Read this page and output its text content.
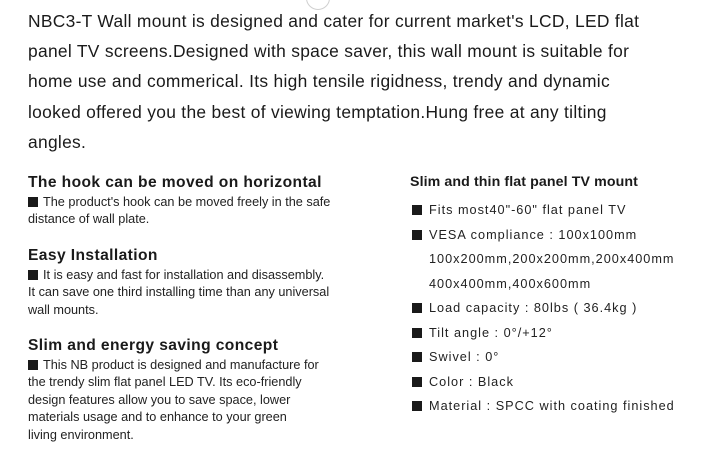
NBC3-T Wall mount is designed and cater for current market's LCD, LED flat
panel TV screens.Designed with space saver, this wall mount is suitable for
home use and commerical. Its high tensile rigidness, trendy and dynamic
looked offered you the best of viewing temptation.Hung free at any tilting
angles.
The hook can be moved on horizontal
The product's hook can be moved freely in the safe
distance of wall plate.
Easy Installation
It is easy and fast for installation and disassembly.
It can save one third installing time than any universal
wall mounts.
Slim and energy saving concept
This NB product is designed and manufacture for
the trendy slim flat panel LED TV. Its eco-friendly
design features allow you to save space, lower
materials usage and to enhance to your green
living environment.
Slim and thin flat panel TV mount
Fits most40"-60" flat panel TV
VESA compliance : 100x100mm
100x200mm,200x200mm,200x400mm
400x400mm,400x600mm
Load capacity : 80lbs ( 36.4kg )
Tilt angle : 0°/+12°
Swivel : 0°
Color : Black
Material : SPCC with coating finished
